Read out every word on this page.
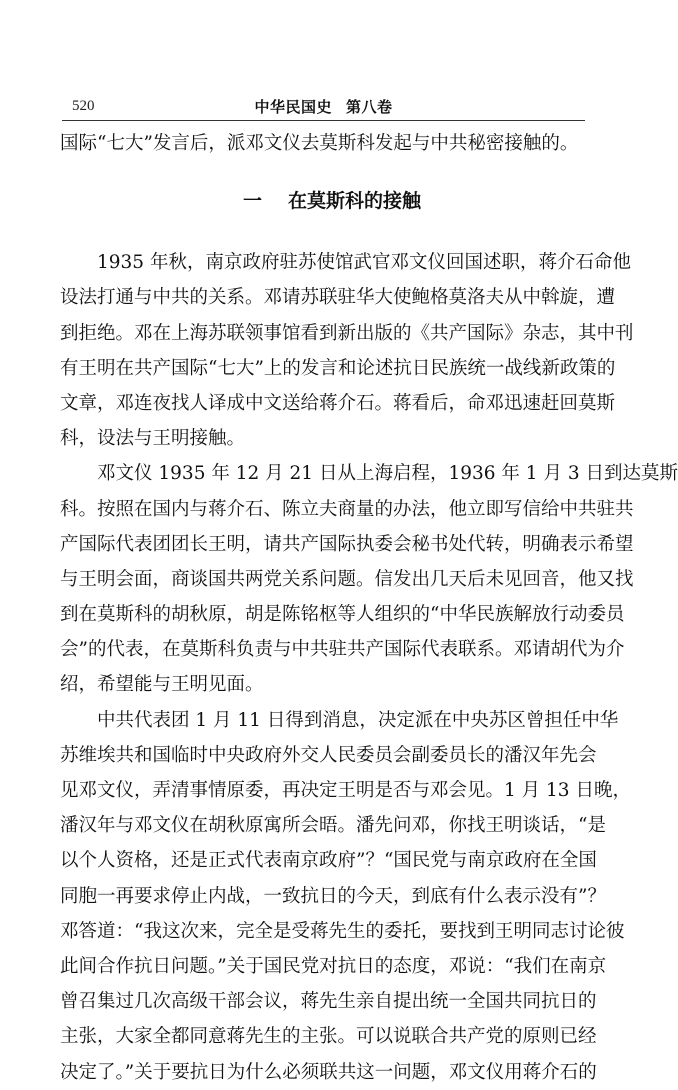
520	中华民国史 第八卷
国际“七大”发言后，派邓文仪去莫斯科发起与中共秘密接触的。
一 在莫斯科的接触
1935 年秋，南京政府驻苏使馆武官邓文仪回国述职，蒋介石命他
设法打通与中共的关系。邓请苏联驻华大使鲍格莫洛夫从中斡旋，遭
到拒绝。邓在上海苏联领事馆看到新出版的《共产国际》杂志，其中刊
有王明在共产国际“七大”上的发言和论述抗日民族统一战线新政策的
文章，邓连夜找人译成中文送给蒋介石。蒋看后，命邓迅速赶回莫斯
科，设法与王明接触。
邓文仪 1935 年 12 月 21 日从上海启程，1936 年 1 月 3 日到达莫斯
科。按照在国内与蒋介石、陈立夫商量的办法，他立即写信给中共驻共
产国际代表团团长王明，请共产国际执委会秘书处代转，明确表示希望
与王明会面，商谈国共两党关系问题。信发出几天后未见回音，他又找
到在莫斯科的胡秋原，胡是陈铭枢等人组织的“中华民族解放行动委员
会”的代表，在莫斯科负责与中共驻共产国际代表联系。邓请胡代为介
绍，希望能与王明见面。
中共代表团 1 月 11 日得到消息，决定派在中央苏区曾担任中华
苏维埃共和国临时中央政府外交人民委员会副委员长的潘汉年先会
见邓文仪，弄清事情原委，再决定王明是否与邓会见。1 月 13 日晚，
潘汉年与邓文仪在胡秋原寓所会晤。潘先问邓，你找王明谈话，“是
以个人资格，还是正式代表南京政府”？“国民党与南京政府在全国
同胞一再要求停止内战，一致抗日的今天，到底有什么表示没有”？
邓答道：“我这次来，完全是受蒋先生的委托，要找到王明同志讨论彼
此间合作抗日问题。”关于国民党对抗日的态度，邓说：“我们在南京
曾召集过几次高级干部会议，蒋先生亲自提出统一全国共同抗日的
主张，大家全都同意蒋先生的主张。可以说联合共产党的原则已经
决定了。”关于要抗日为什么必须联共这一问题，邓文仪用蒋介石的
